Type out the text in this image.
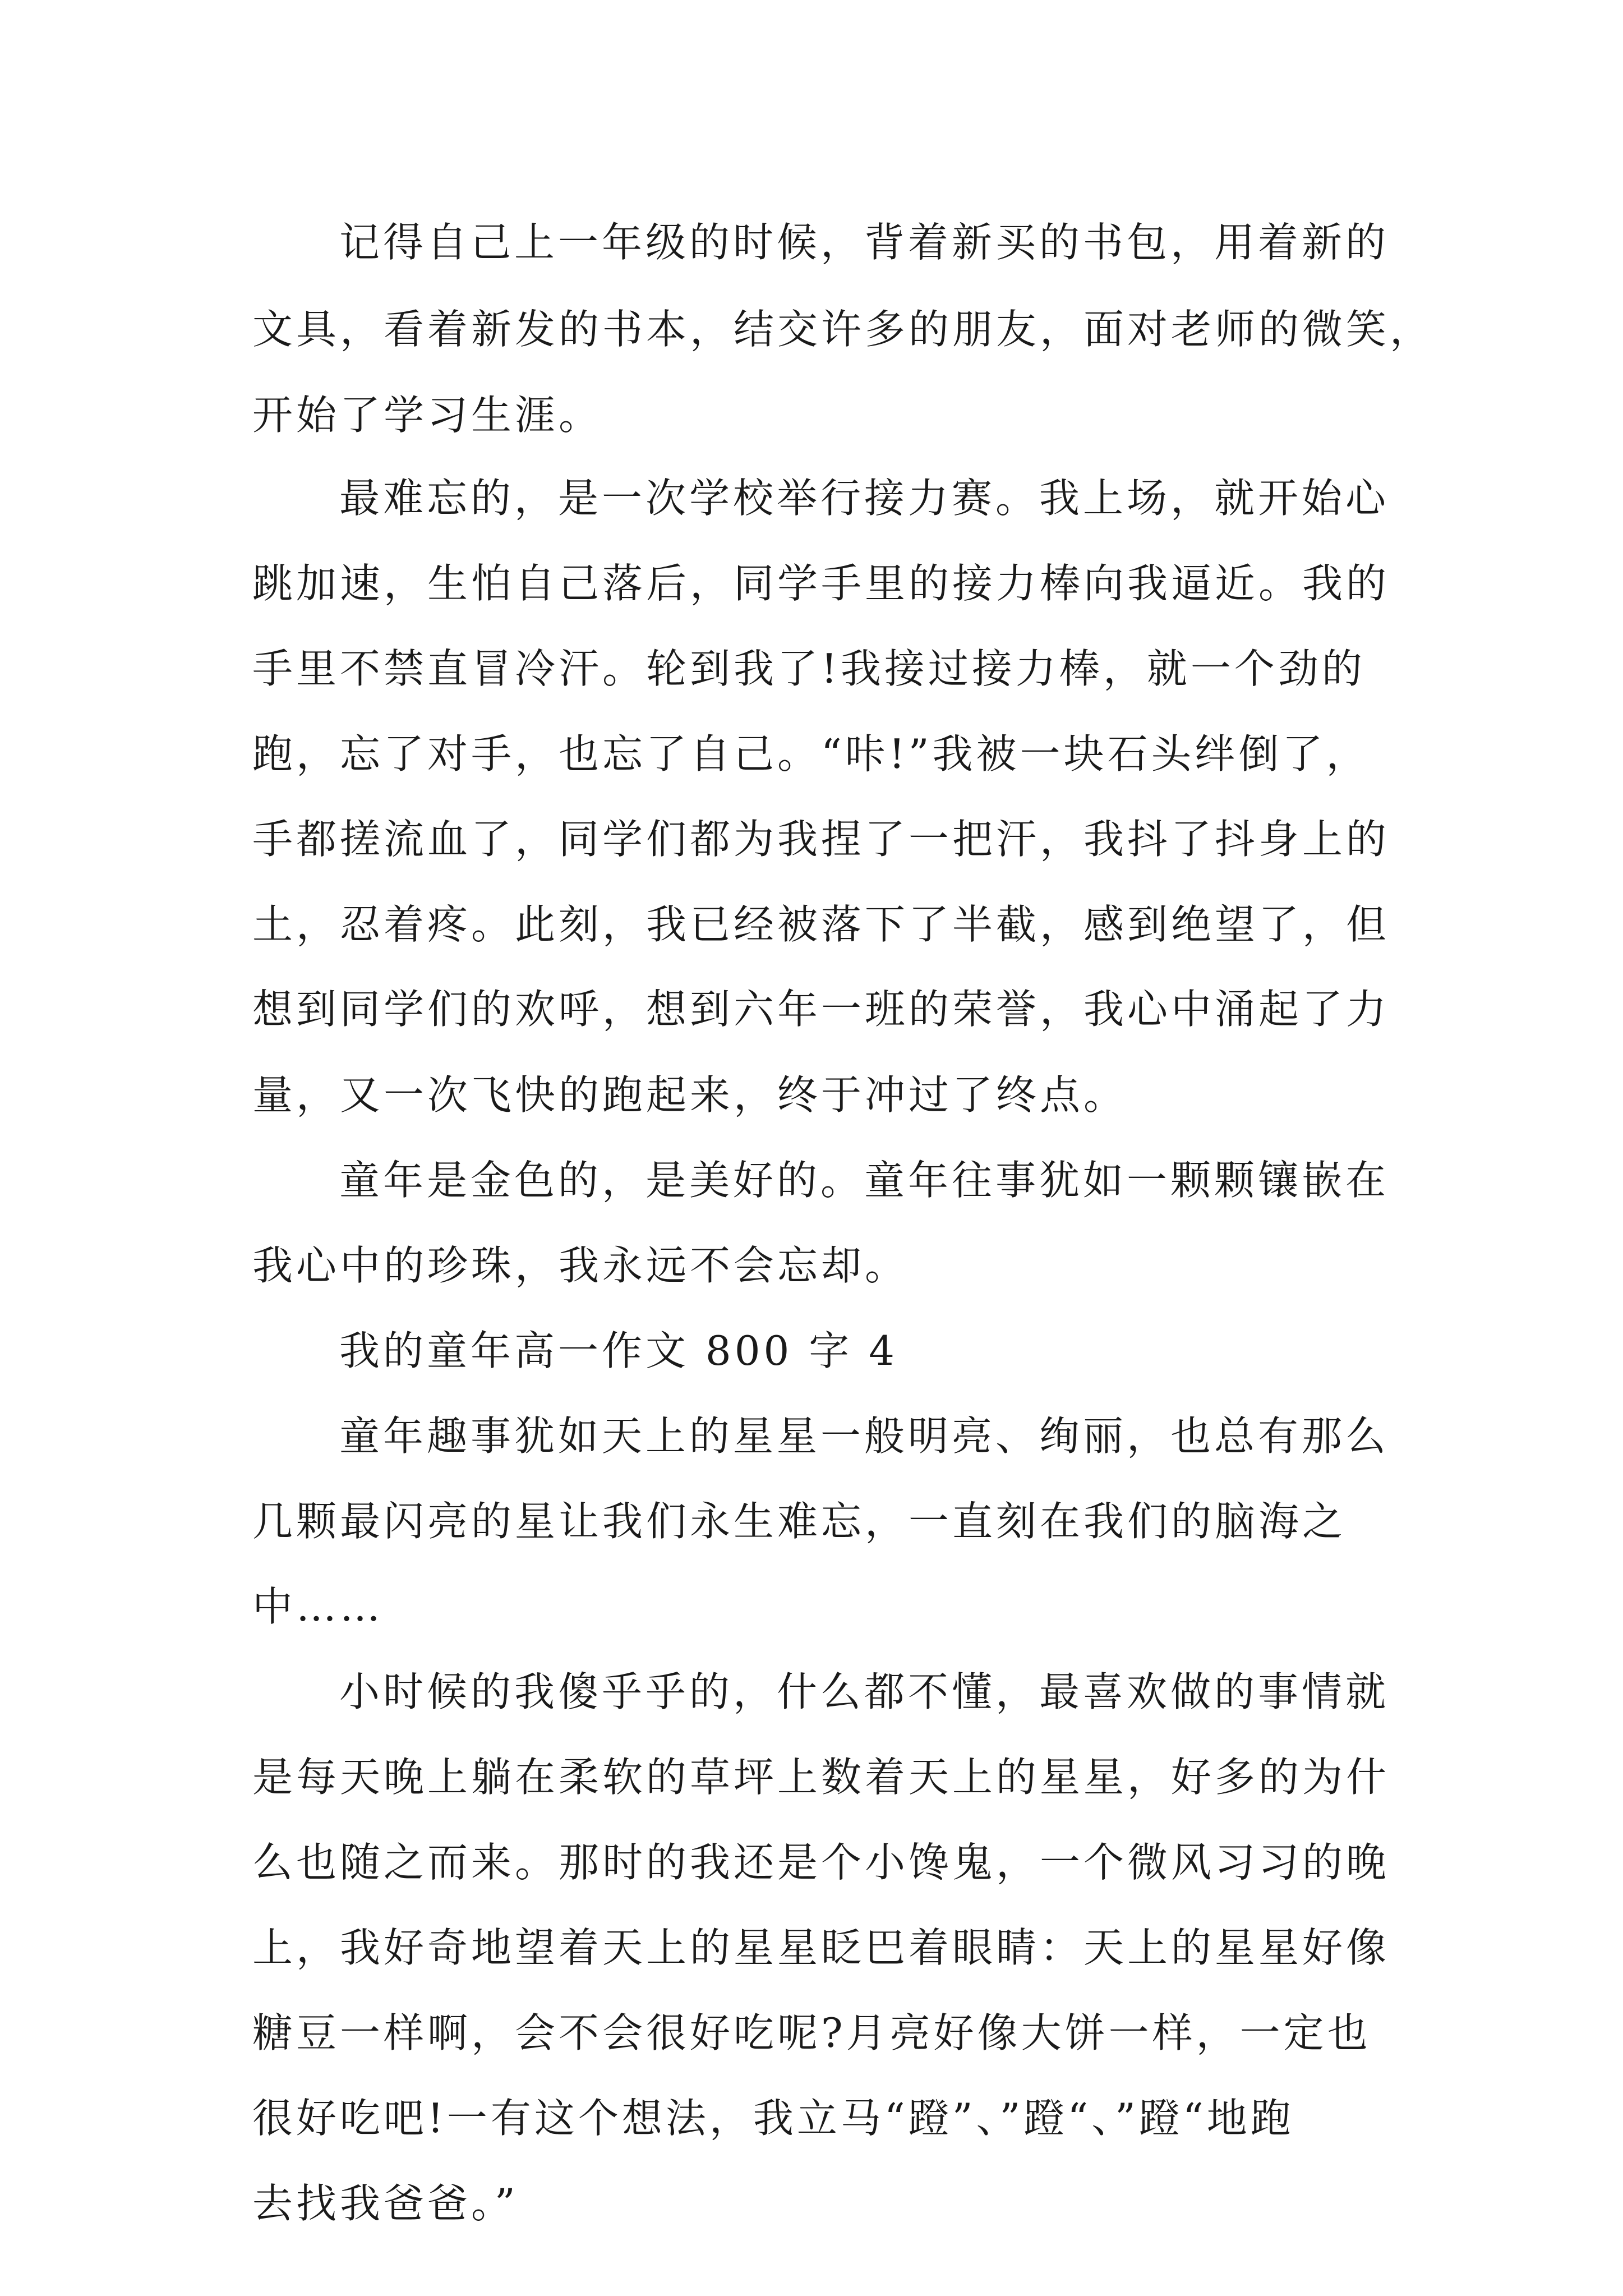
记得自己上一年级的时候，背着新买的书包，用着新的

文具，看着新发的书本，结交许多的朋友，面对老师的微笑，

开始了学习生涯。

最难忘的，是一次学校举行接力赛。我上场，就开始心

跳加速，生怕自己落后，同学手里的接力棒向我逼近。我的

手里不禁直冒冷汗。轮到我了!我接过接力棒，就一个劲的

跑，忘了对手，也忘了自己。“咔!”我被一块石头绊倒了，

手都搓流血了，同学们都为我捏了一把汗，我抖了抖身上的

土，忍着疼。此刻，我已经被落下了半截，感到绝望了，但

想到同学们的欢呼，想到六年一班的荣誉，我心中涌起了力

量，又一次飞快的跑起来，终于冲过了终点。

童年是金色的，是美好的。童年往事犹如一颗颗镶嵌在

我心中的珍珠，我永远不会忘却。

我的童年高一作文 800 字 4

童年趣事犹如天上的星星一般明亮、绚丽，也总有那么

几颗最闪亮的星让我们永生难忘，一直刻在我们的脑海之

中……

小时候的我傻乎乎的，什么都不懂，最喜欢做的事情就

是每天晚上躺在柔软的草坪上数着天上的星星，好多的为什

么也随之而来。那时的我还是个小馋鬼，一个微风习习的晚

上，我好奇地望着天上的星星眨巴着眼睛：天上的星星好像

糖豆一样啊，会不会很好吃呢?月亮好像大饼一样，一定也

很好吃吧!一有这个想法，我立马“蹬”、”蹬“、”蹬“地跑

去找我爸爸。”
